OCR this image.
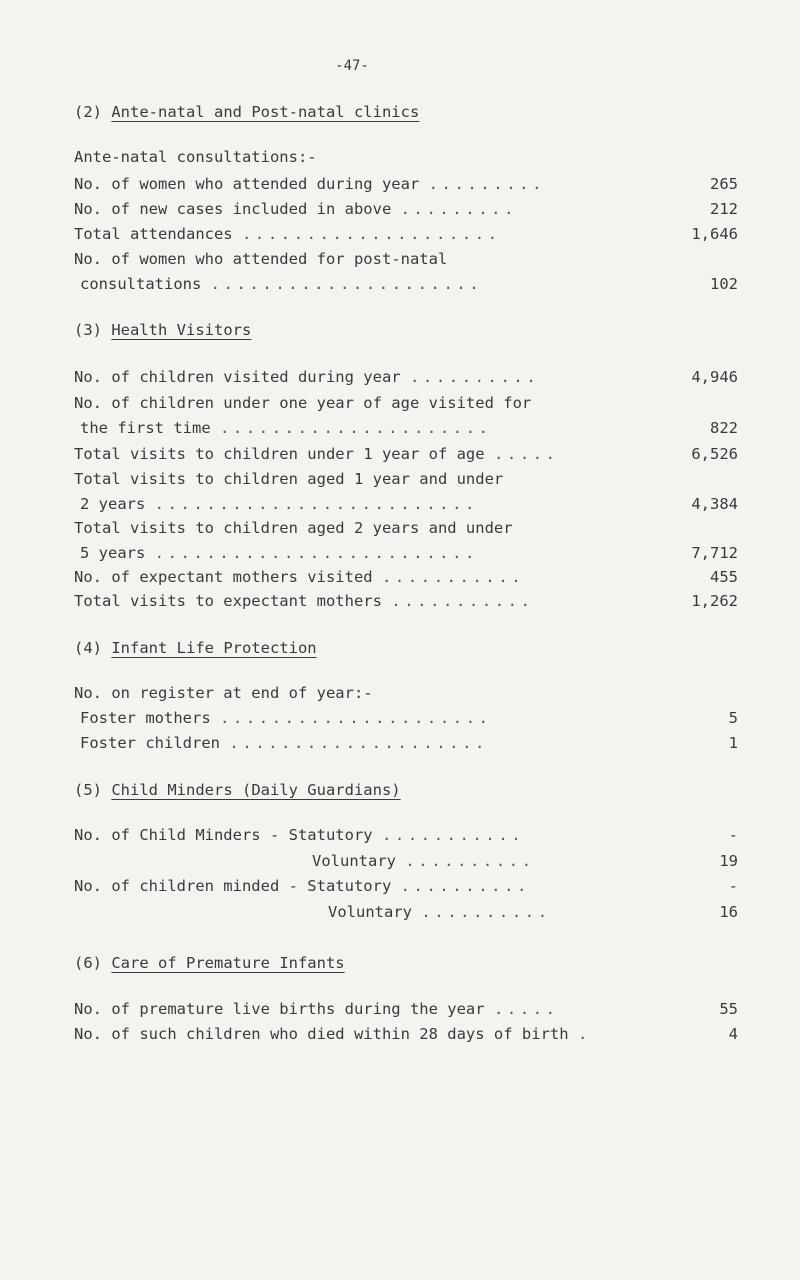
-47-
(2) Ante-natal and Post-natal clinics
Ante-natal consultations:-
No. of women who attended during year .........	265
No. of new cases included in above .........	212
Total attendances ....................	1,646
No. of women who attended for post-natal
consultations .....................	102
(3) Health Visitors
No. of children visited during year ..........	4,946
No. of children under one year of age visited for
the first time .....................	822
Total visits to children under 1 year of age .....	6,526
Total visits to children aged 1 year and under
2 years .........................	4,384
Total visits to children aged 2 years and under
5 years .........................	7,712
No. of expectant mothers visited ...........	455
Total visits to expectant mothers ...........	1,262
(4) Infant Life Protection
No. on register at end of year:-
Foster mothers .....................	5
Foster children ....................	1
(5) Child Minders (Daily Guardians)
No. of Child Minders - Statutory ...........	-
Voluntary ..........	19
No. of children minded - Statutory ..........	-
Voluntary ..........	16
(6) Care of Premature Infants
No. of premature live births during the year .....	55
No. of such children who died within 28 days of birth .	4
